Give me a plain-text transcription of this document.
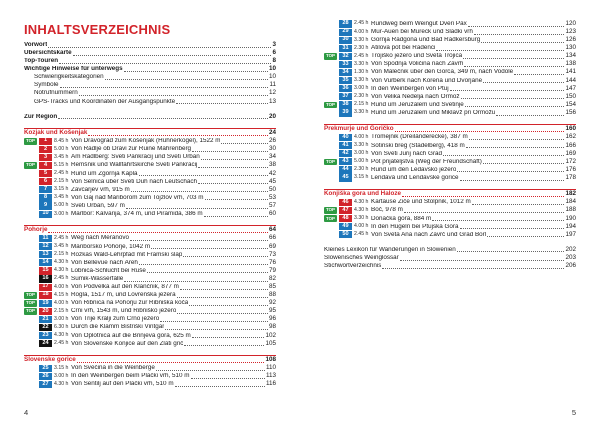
INHALTSVERZEICHNIS
Vorwort	3
Übersichtskarte	6
Top-Touren	8
Wichtige Hinweise für unterwegs	10
Schwierigkeitskategorien	10
Symbole	11
Notrufnummern	12
GPS-Tracks und Koordinaten der Ausgangspunkte	13
Zur Region	20
Kozjak und Košenjak	24
TOP	1	8.45 h Von Dravograd zum Košenjak (Hühnerkogel), 1522 m	26
2	5.00 h Von Radlje ob Dravi zur Ruine Mahrenberg	30
3	3.45 h Am Radlberg: Sveti Pankracij und Sveti Urban	34
TOP	4	5.15 h Remšnik und Wallfahrtskirche Sveti Pankracij	38
5	2.45 h Rund um Zgornja Kapla	42
6	2.15 h Von Selnica über Sveti Duh nach Leutschach	45
7	3.15 h Žavcarjev vrh, 915 m	50
8	3.45 h Von Gaj nad Mariborom zum Tojzlov vrh, 703 m	53
9	5.00 h Sveti Urban, 597 m	57
10	3.00 h Marlbor: Kalvarija, 374 m, und Piramida, 386 m	60
Pohorje	64
11	2.45 h Weg nach Meranovo	66
12	3.45 h Mariborsko Pohorje, 1042 m	69
13	2.15 h Rozkas Wald-Lehrpfad mit Framski slap	73
14	4.30 h Von Bellevue nach Areh	76
15	4.30 h Lobnica-Schlucht bei Ruše	79
16	2.45 h Šumik-Wasserfälle	82
17	4.00 h Von Podvelka auf den Klančnik, 877 m	85
TOP	18	4.15 h Rogla, 1517 m, und Lovrenška jezera	88
TOP	19	4.00 h Von Ribnica na Pohorju zur Ribniška koča	92
TOP	20	2.15 h Črni vrh, 1543 m, und Ribniško jezero	95
21	3.00 h Von Trije Kralji zum Črno jezero	96
22	6.30 h Durch die Klamm Bistriški Vintgar	98
23	4.30 h Von Oplotnica auf die Brinjeva gora, 625 m	102
24	2.45 h Von Slovenske Konjice auf den Žlati grič	105
Slovenske gorice	108
25	3.15 h Von Svečina in die Weinberge	110
26	3.00 h In den Weinbergen beim Plački vrh, 510 m	113
27	4.30 h Von Šentilj auf den Plački vrh, 510 m	116
4
28	2.45 h Rundweg beim Weingut Dveri Pax	120
29	4.00 h Mur-Auen bei Mureck und Sladki vrh	123
30	3.30 h Gornja Radgona und Bad Radkersburg	126
31	2.30 h Atilova pot bei Radenci	130
TOP	32	2.45 h Trojiško jezero und Sveta Trojica	134
33	3.30 h Von Spodnja Voličina nach Zavrh	138
34	1.30 h Von Malečnik über den Gorca, 349 m, nach Vodole	141
35	3.30 h Von Vurberk nach Korena und Dvorjane	144
36	3.00 h In den Weinbergen von Ptuj	147
37	2.30 h Von Velika Nedelja nach Ormož	150
TOP	38	2.15 h Rund um Jeruzalem und Svetinje	154
39	3.30 h Rund um Jeruzalem und Miklavž pri Ormožu	156
Prekmurje und Goričko	160
40	4.00 h Tromejnik (Dreiländerecke), 387 m	162
41	3.30 h Sotinski breg (Stadelberg), 418 m	166
42	3.00 h Von Sveti Jurij nach Grad	169
TOP	43	5.00 h Pot prijateljstva (Weg der Freundschaft)	172
44	2.30 h Rund um den Ledavsko jezero	176
45	3.15 h Lendava und Lendavske gorice	178
Konjiška gora und Haloze	182
46	4.30 h Kartause Žiče und Stolpnik, 1012 m	184
TOP	47	4.30 h Boč, 978 m	188
TOP	48	3.30 h Donačka gora, 884 m	190
49	4.00 h In den Hügeln bei Ptujska Gora	194
50	2.45 h Von Sveta Ana nach Zavrč und Grad Borl	197
Kleines Lexikon für Wanderungen in Slowenien	202
Slowenisches Weinglossar	203
Stichwortverzeichnis	206
5
